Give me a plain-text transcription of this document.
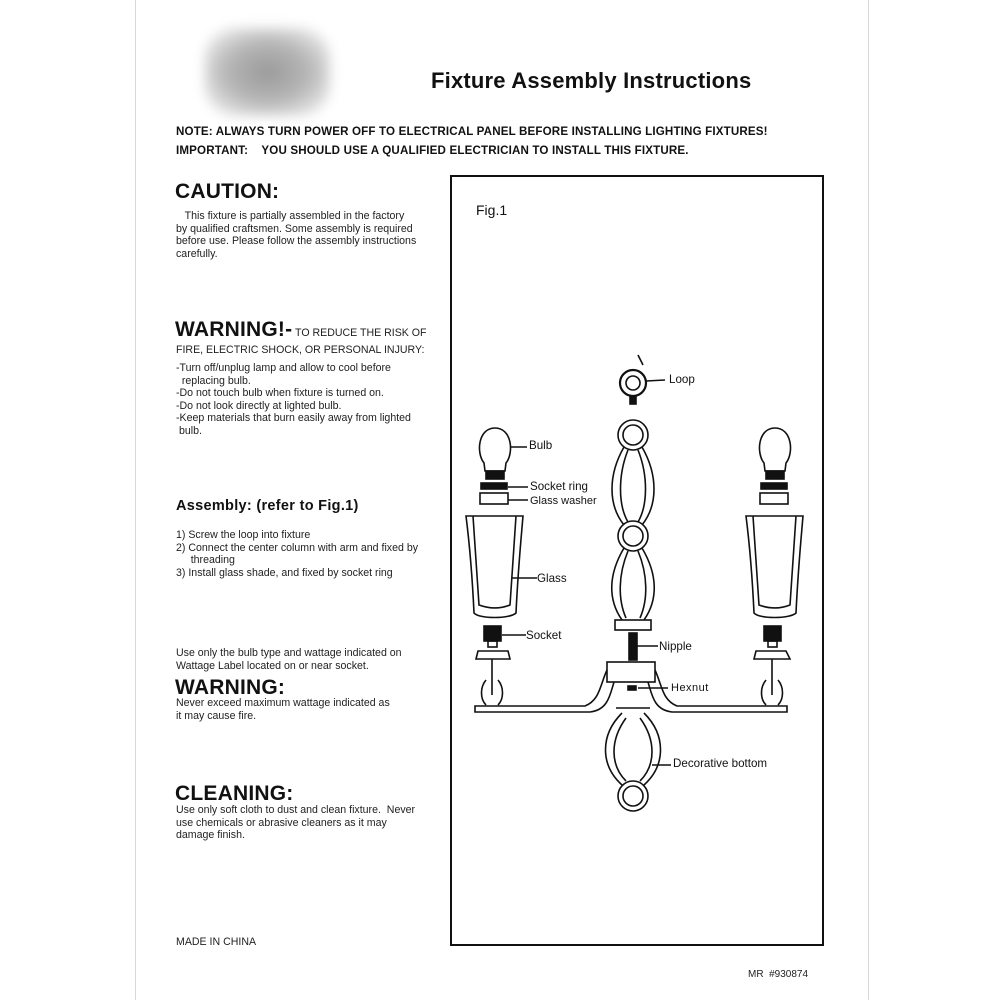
Fixture Assembly Instructions
NOTE: ALWAYS TURN POWER OFF TO ELECTRICAL PANEL BEFORE INSTALLING LIGHTING FIXTURES!
IMPORTANT:    YOU SHOULD USE A QUALIFIED ELECTRICIAN TO INSTALL THIS FIXTURE.
CAUTION:
This fixture is partially assembled in the factory
by qualified craftsmen. Some assembly is required
before use. Please follow the assembly instructions
carefully.
WARNING!- TO REDUCE THE RISK OF
FIRE, ELECTRIC SHOCK, OR PERSONAL INJURY:
-Turn off/unplug lamp and allow to cool before
replacing bulb.
-Do not touch bulb when fixture is turned on.
-Do not look directly at lighted bulb.
-Keep materials that burn easily away from lighted
bulb.
Assembly: (refer to Fig.1)
1) Screw the loop into fixture
2) Connect the center column with arm and fixed by
threading
3) Install glass shade, and fixed by socket ring
Use only the bulb type and wattage indicated on
Wattage Label located on or near socket.
WARNING:
Never exceed maximum wattage indicated as
it may cause fire.
CLEANING:
Use only soft cloth to dust and clean fixture.  Never
use chemicals or abrasive cleaners as it may
damage finish.
MADE IN CHINA
MR  #930874
Fig.1
Loop
Bulb
Socket ring
Glass washer
Glass
Socket
Nipple
Hexnut
Decorative bottom
